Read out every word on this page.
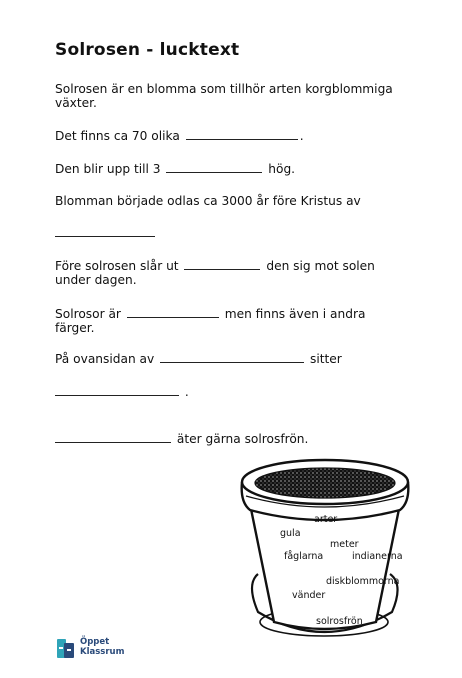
Solrosen - lucktext
Solrosen är en blomma som tillhör arten korgblommiga
växter.
Det finns ca 70 olika	.
Den blir upp till 3	hög.
Blomman började odlas ca 3000 år före Kristus av
Före solrosen slår ut	den sig mot solen
under dagen.
Solrosor är	men finns även i andra
färger.
På ovansidan av	sitter
.
äter gärna solrosfrön.
arter
gula
meter
fåglarna	indianerna
diskblommorna
vänder
solrosfrön
Öppet
Klassrum
